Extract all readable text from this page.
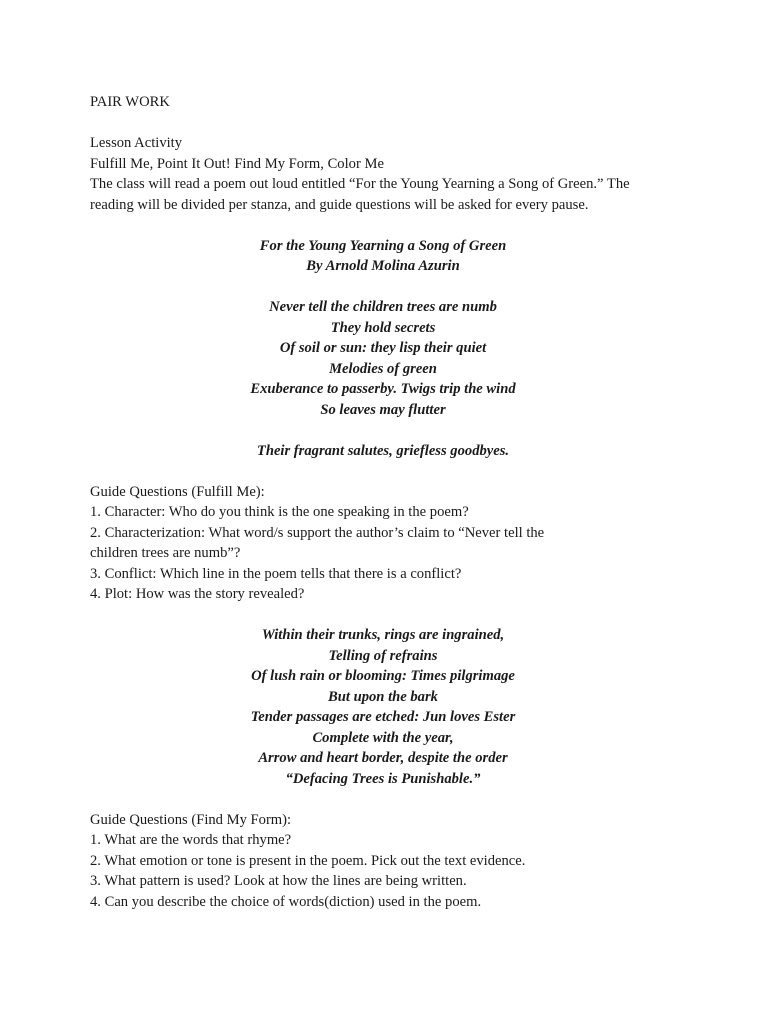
PAIR WORK
Lesson Activity
Fulfill Me, Point It Out! Find My Form, Color Me
The class will read a poem out loud entitled “For the Young Yearning a Song of Green.” The reading will be divided per stanza, and guide questions will be asked for every pause.
For the Young Yearning a Song of Green
By Arnold Molina Azurin
Never tell the children trees are numb
They hold secrets
Of soil or sun: they lisp their quiet
Melodies of green
Exuberance to passerby. Twigs trip the wind
So leaves may flutter
Their fragrant salutes, griefless goodbyes.
Guide Questions (Fulfill Me):
1. Character: Who do you think is the one speaking in the poem?
2. Characterization: What word/s support the author’s claim to “Never tell the
children trees are numb”?
3. Conflict: Which line in the poem tells that there is a conflict?
4. Plot: How was the story revealed?
Within their trunks, rings are ingrained,
Telling of refrains
Of lush rain or blooming: Times pilgrimage
But upon the bark
Tender passages are etched: Jun loves Ester
Complete with the year,
Arrow and heart border, despite the order
“Defacing Trees is Punishable.”
Guide Questions (Find My Form):
1. What are the words that rhyme?
2. What emotion or tone is present in the poem. Pick out the text evidence.
3. What pattern is used? Look at how the lines are being written.
4. Can you describe the choice of words(diction) used in the poem.
